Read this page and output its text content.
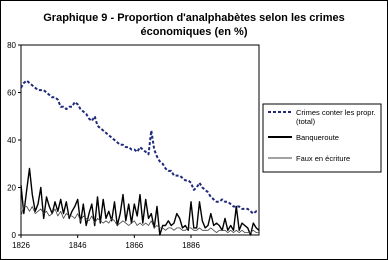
Graphique 9 - Proportion d'analphabètes selon les crimes
économiques (en %)
0
20
40
60
80
1826	1846	1866	1886
Crimes conter les propr.
(total)
Banqueroute
Faux en écriture
